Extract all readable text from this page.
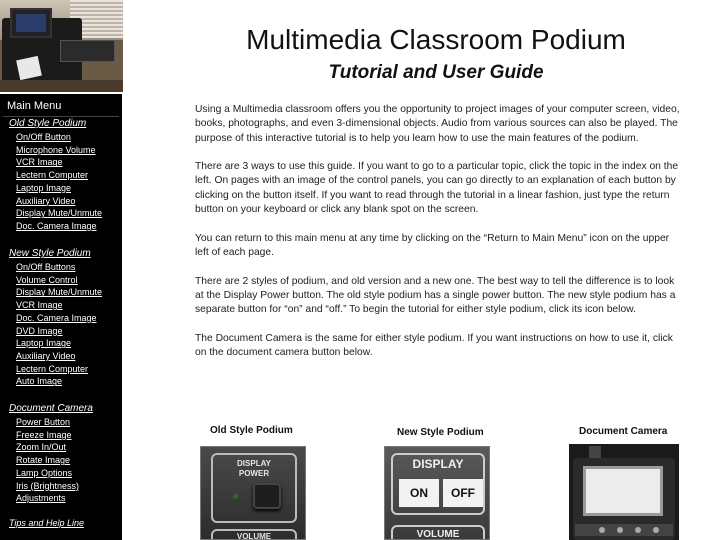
Multimedia Classroom Podium
Tutorial and User Guide
Main Menu
Old Style Podium
On/Off Button
Microphone Volume
VCR Image
Lectern Computer
Laptop Image
Auxiliary Video
Display Mute/Unmute
Doc. Camera Image
New Style Podium
On/Off Buttons
Volume Control
Display Mute/Unmute
VCR Image
Doc. Camera Image
DVD Image
Laptop Image
Auxiliary Video
Lectern Computer
Auto Image
Document Camera
Power Button
Freeze Image
Zoom In/Out
Rotate Image
Lamp Options
Iris (Brightness)
Adjustments
Tips and Help Line

Using a Multimedia classroom offers you the opportunity to project images of your computer screen, video, books, photographs, and even 3-dimensional objects. Audio from various sources can also be played. The purpose of this interactive tutorial is to help you learn how to use the main features of the podium.

There are 3 ways to use this guide. If you want to go to a particular topic, click the topic in the index on the left. On pages with an image of the control panels, you can go directly to an explanation of each button by clicking on the button itself. If you want to read through the tutorial in a linear fashion, just type the return button on your keyboard or click any blank spot on the screen.

You can return to this main menu at any time by clicking on the “Return to Main Menu” icon on the upper left of each page.

There are 2 styles of podium, and old version and a new one. The best way to tell the difference is to look at the Display Power button. The old style podium has a single power button. The new style podium has a separate button for “on” and “off.” To begin the tutorial for either style podium, click its icon below.

The Document Camera is the same for either style podium. If you want instructions on how to use it, click on the document camera button below.

Old Style Podium	New Style Podium	Document Camera
DISPLAY POWER
VOLUME
DISPLAY
ON	OFF
VOLUME
